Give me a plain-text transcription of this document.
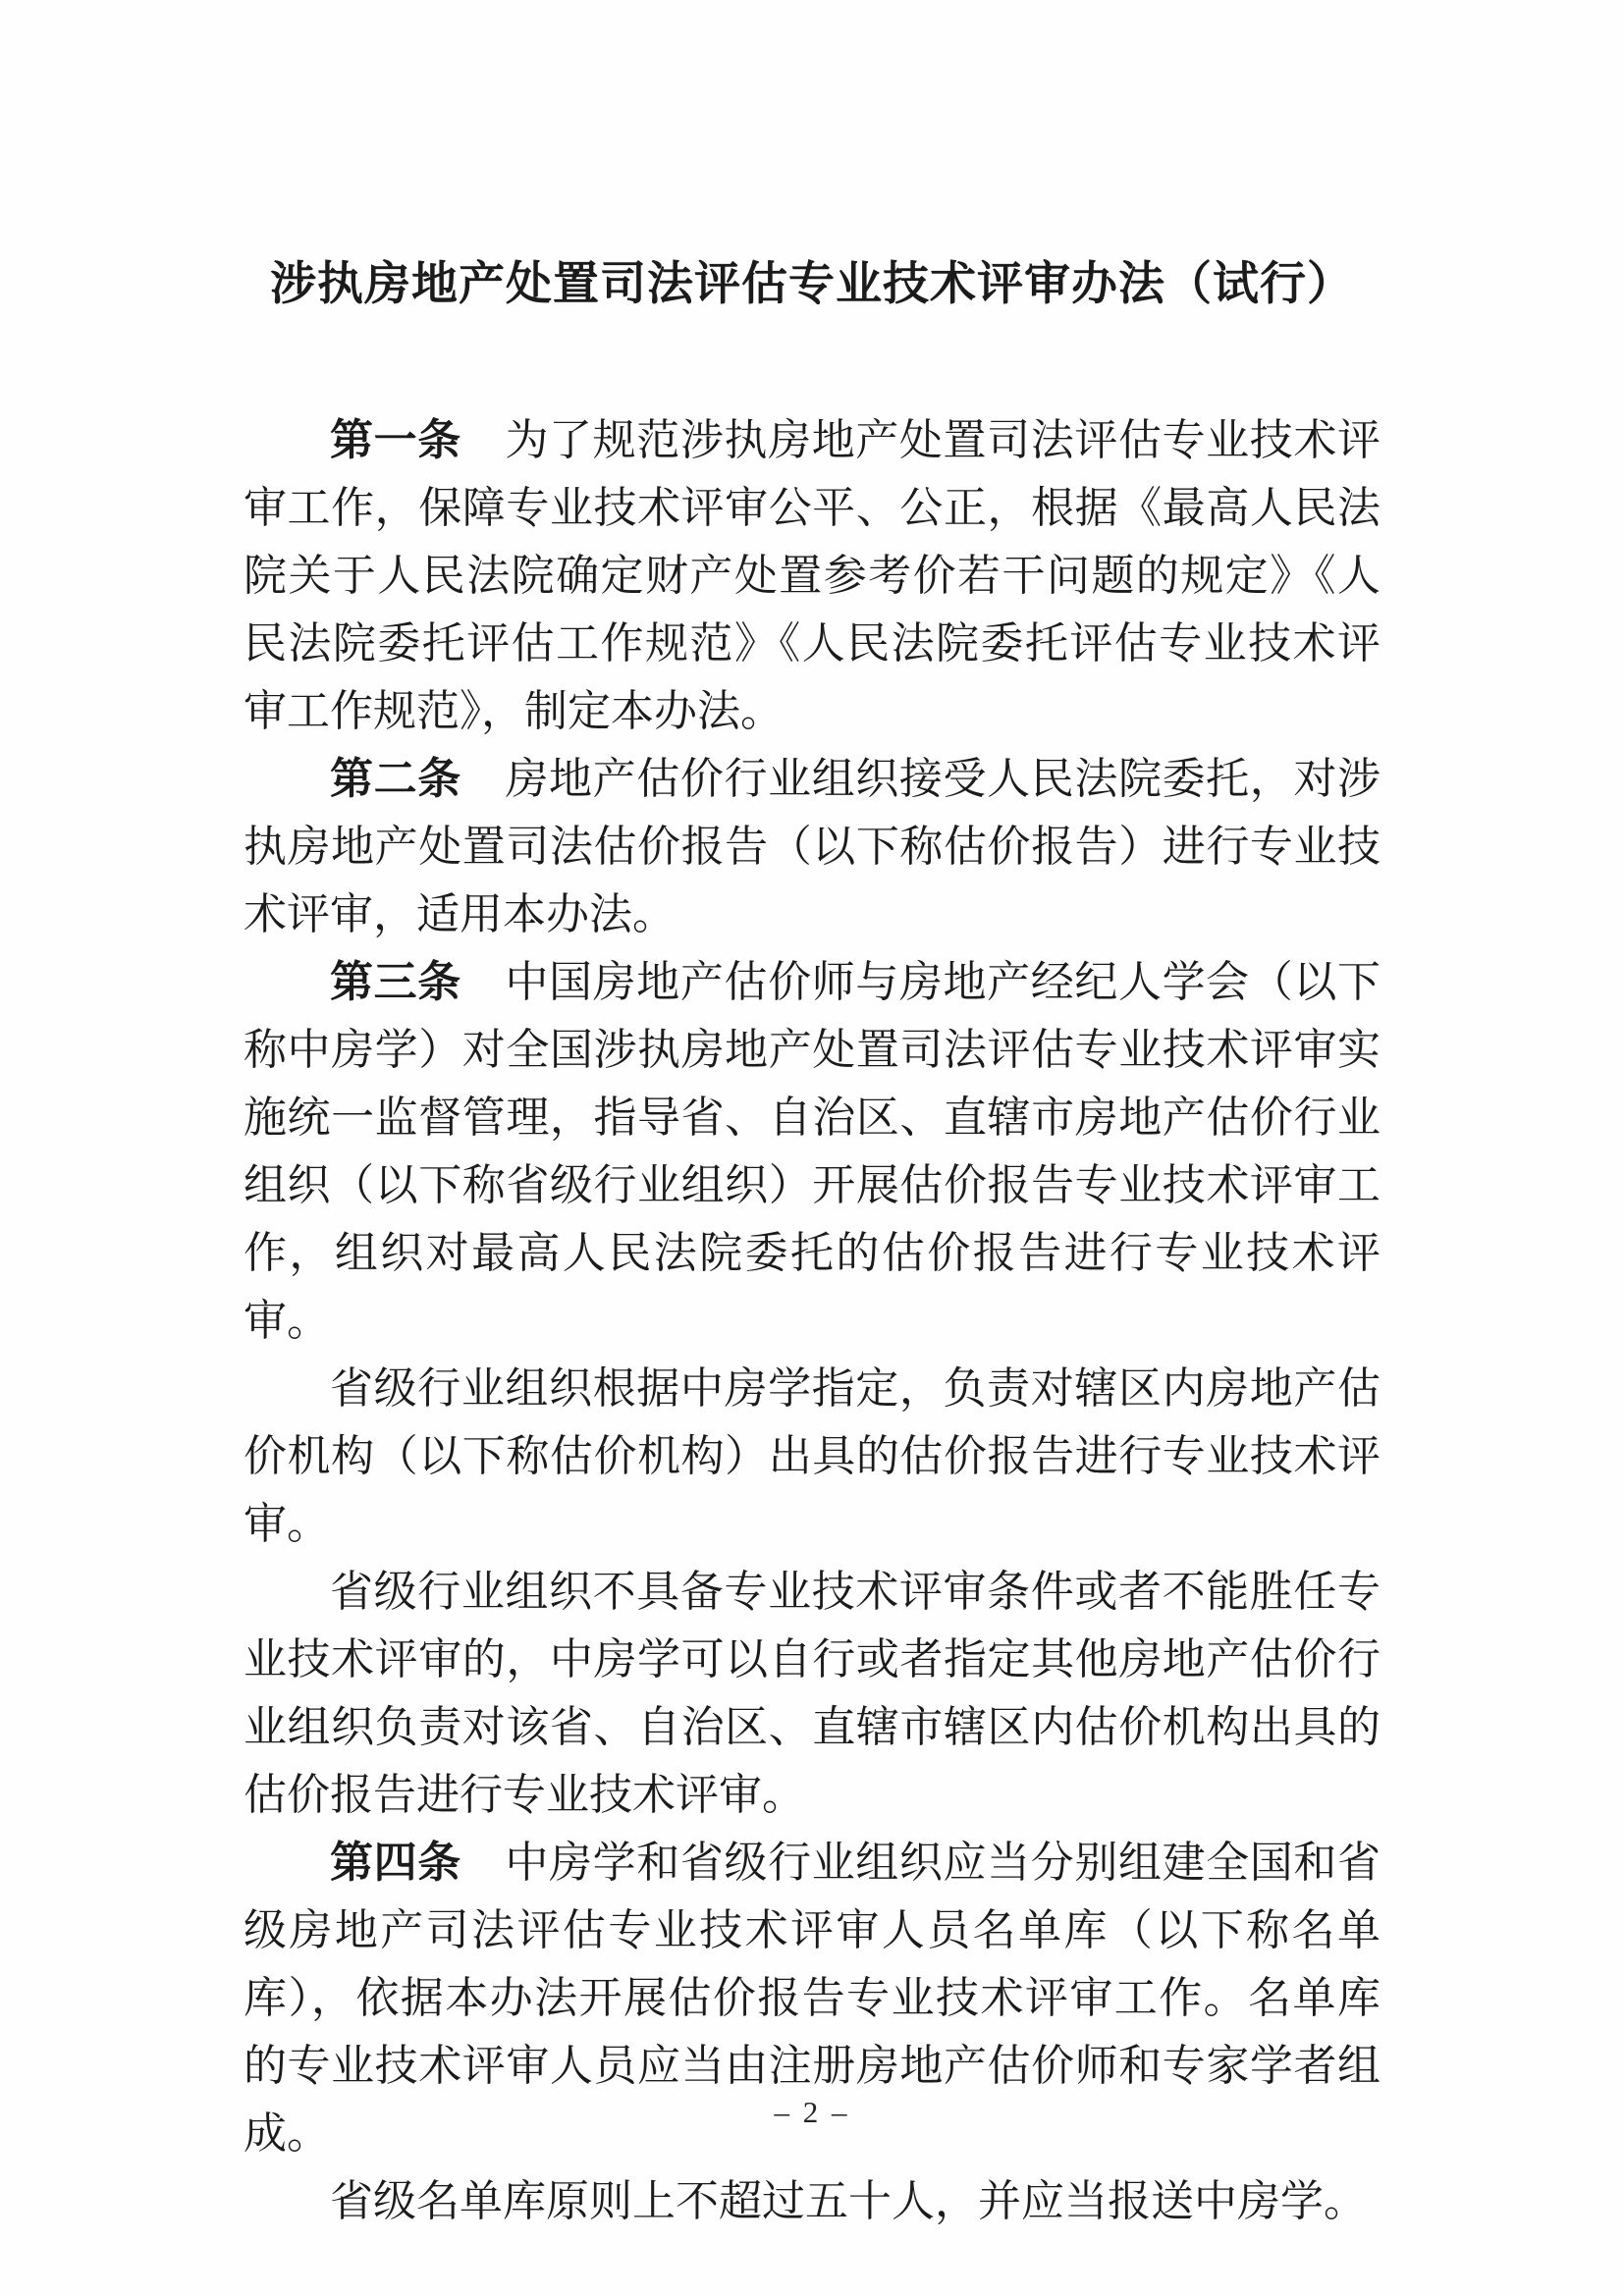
涉执房地产处置司法评估专业技术评审办法（试行）

第一条　为了规范涉执房地产处置司法评估专业技术评审工作，保障专业技术评审公平、公正，根据《最高人民法院关于人民法院确定财产处置参考价若干问题的规定》《人民法院委托评估工作规范》《人民法院委托评估专业技术评审工作规范》，制定本办法。

第二条　房地产估价行业组织接受人民法院委托，对涉执房地产处置司法估价报告（以下称估价报告）进行专业技术评审，适用本办法。

第三条　中国房地产估价师与房地产经纪人学会（以下称中房学）对全国涉执房地产处置司法评估专业技术评审实施统一监督管理，指导省、自治区、直辖市房地产估价行业组织（以下称省级行业组织）开展估价报告专业技术评审工作，组织对最高人民法院委托的估价报告进行专业技术评审。

省级行业组织根据中房学指定，负责对辖区内房地产估价机构（以下称估价机构）出具的估价报告进行专业技术评审。

省级行业组织不具备专业技术评审条件或者不能胜任专业技术评审的，中房学可以自行或者指定其他房地产估价行业组织负责对该省、自治区、直辖市辖区内估价机构出具的估价报告进行专业技术评审。

第四条　中房学和省级行业组织应当分别组建全国和省级房地产司法评估专业技术评审人员名单库（以下称名单库），依据本办法开展估价报告专业技术评审工作。名单库的专业技术评审人员应当由注册房地产估价师和专家学者组成。

省级名单库原则上不超过五十人，并应当报送中房学。

– 2 –
